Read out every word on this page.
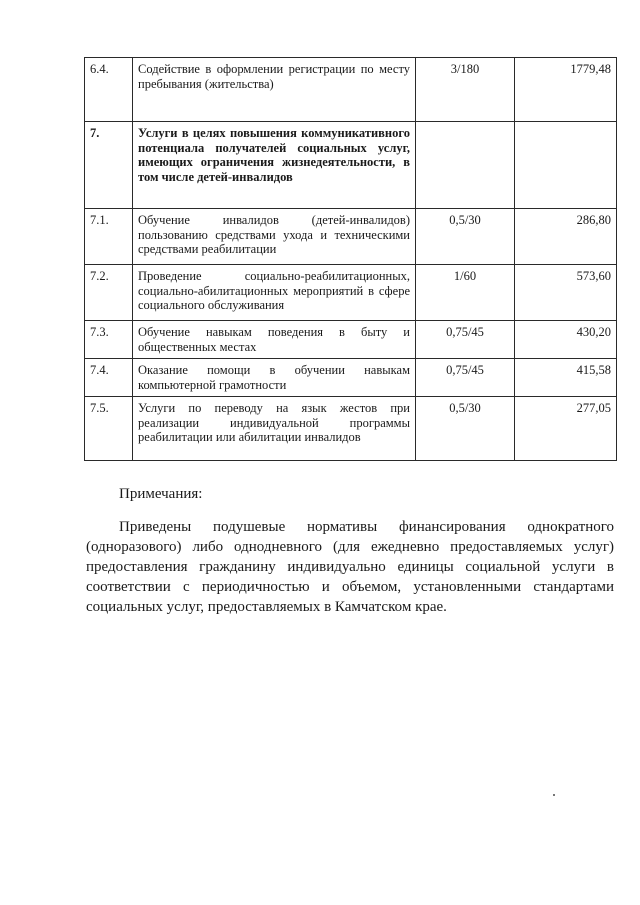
6.4.	Содействие в оформлении регистрации по месту пребывания (жительства)	3/180	1779,48
7.	Услуги в целях повышения коммуникативного потенциала получателей социальных услуг, имеющих ограничения жизнедеятельности, в том числе детей-инвалидов		
7.1.	Обучение инвалидов (детей-инвалидов) пользованию средствами ухода и техническими средствами реабилитации	0,5/30	286,80
7.2.	Проведение социально-реабилитационных, социально-абилитационных мероприятий в сфере социального обслуживания	1/60	573,60
7.3.	Обучение навыкам поведения в быту и общественных местах	0,75/45	430,20
7.4.	Оказание помощи в обучении навыкам компьютерной грамотности	0,75/45	415,58
7.5.	Услуги по переводу на язык жестов при реализации индивидуальной программы реабилитации или абилитации инвалидов	0,5/30	277,05
Примечания:
Приведены подушевые нормативы финансирования однократного (одноразового) либо однодневного (для ежедневно предоставляемых услуг) предоставления гражданину индивидуально единицы социальной услуги в соответствии с периодичностью и объемом, установленными стандартами социальных услуг, предоставляемых в Камчатском крае.
